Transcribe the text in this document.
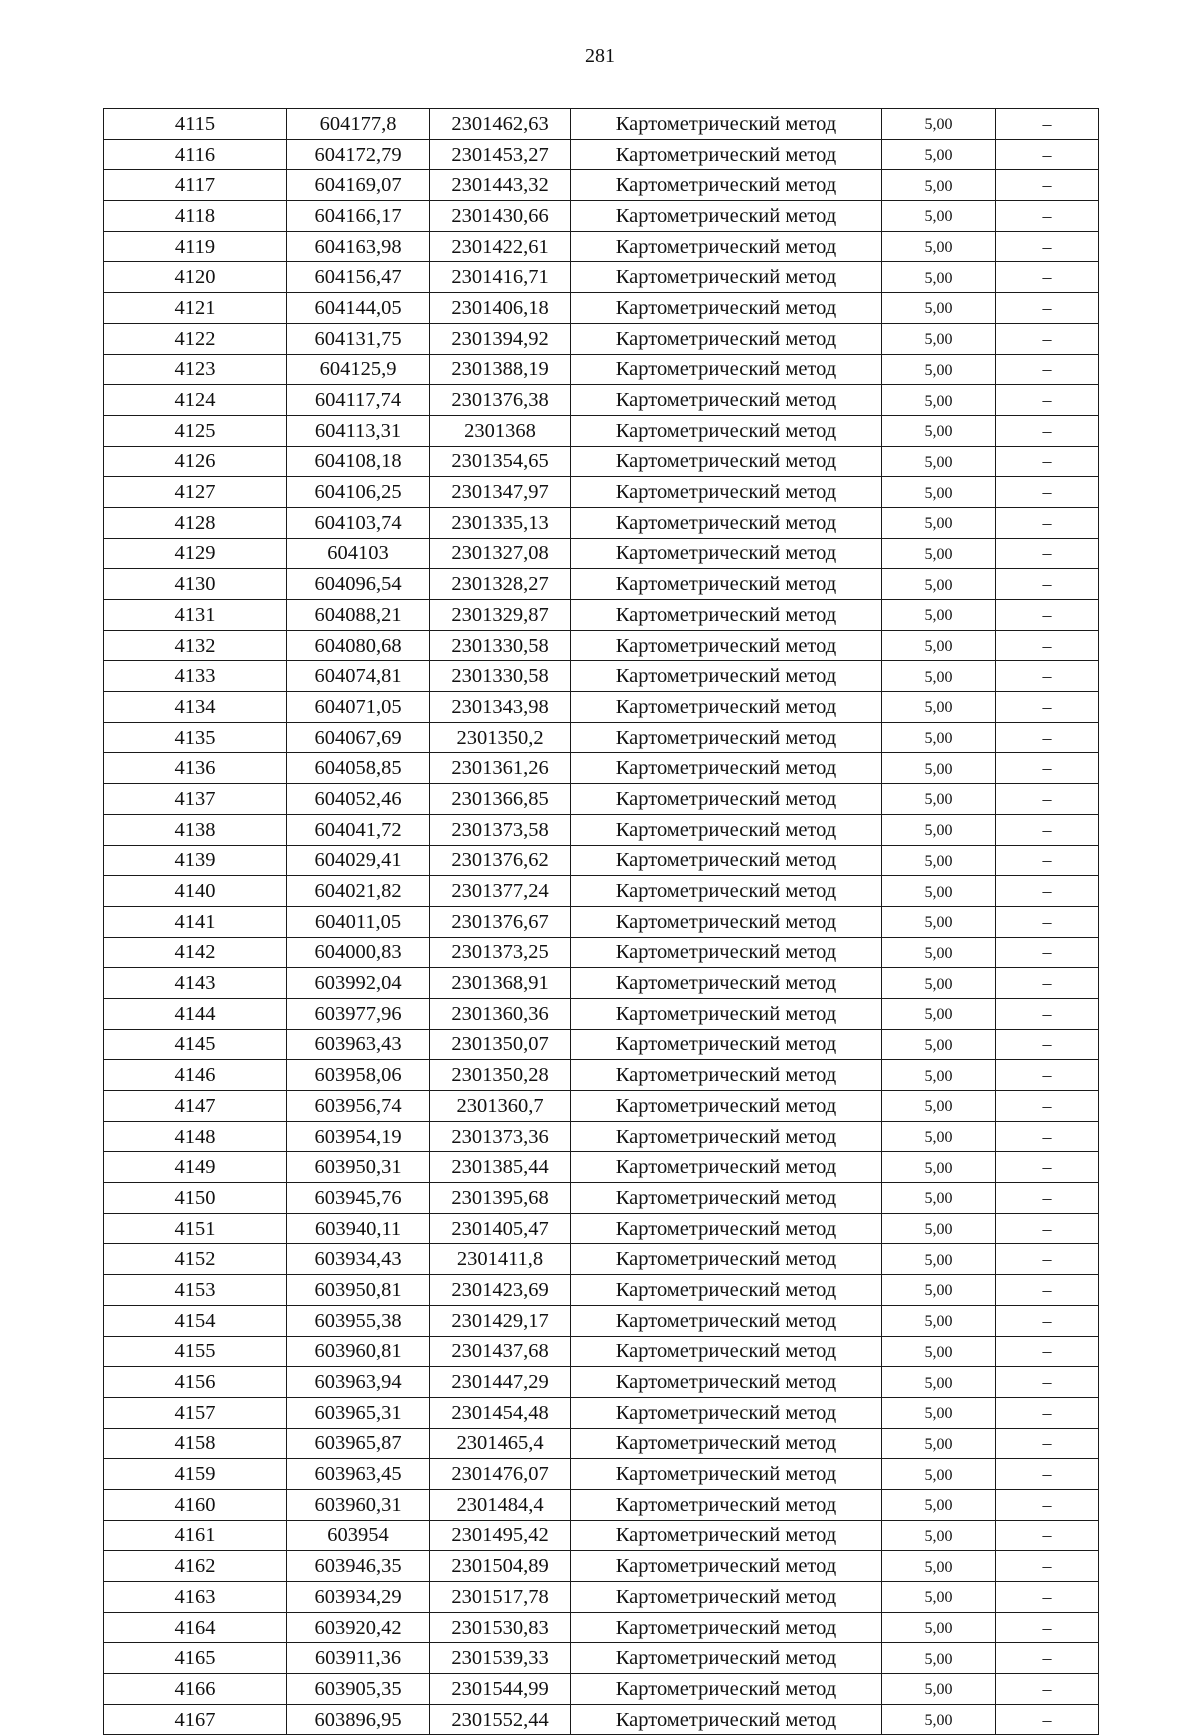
281
4115	604177,8	2301462,63	Картометрический метод	5,00	–
4116	604172,79	2301453,27	Картометрический метод	5,00	–
4117	604169,07	2301443,32	Картометрический метод	5,00	–
4118	604166,17	2301430,66	Картометрический метод	5,00	–
4119	604163,98	2301422,61	Картометрический метод	5,00	–
4120	604156,47	2301416,71	Картометрический метод	5,00	–
4121	604144,05	2301406,18	Картометрический метод	5,00	–
4122	604131,75	2301394,92	Картометрический метод	5,00	–
4123	604125,9	2301388,19	Картометрический метод	5,00	–
4124	604117,74	2301376,38	Картометрический метод	5,00	–
4125	604113,31	2301368	Картометрический метод	5,00	–
4126	604108,18	2301354,65	Картометрический метод	5,00	–
4127	604106,25	2301347,97	Картометрический метод	5,00	–
4128	604103,74	2301335,13	Картометрический метод	5,00	–
4129	604103	2301327,08	Картометрический метод	5,00	–
4130	604096,54	2301328,27	Картометрический метод	5,00	–
4131	604088,21	2301329,87	Картометрический метод	5,00	–
4132	604080,68	2301330,58	Картометрический метод	5,00	–
4133	604074,81	2301330,58	Картометрический метод	5,00	–
4134	604071,05	2301343,98	Картометрический метод	5,00	–
4135	604067,69	2301350,2	Картометрический метод	5,00	–
4136	604058,85	2301361,26	Картометрический метод	5,00	–
4137	604052,46	2301366,85	Картометрический метод	5,00	–
4138	604041,72	2301373,58	Картометрический метод	5,00	–
4139	604029,41	2301376,62	Картометрический метод	5,00	–
4140	604021,82	2301377,24	Картометрический метод	5,00	–
4141	604011,05	2301376,67	Картометрический метод	5,00	–
4142	604000,83	2301373,25	Картометрический метод	5,00	–
4143	603992,04	2301368,91	Картометрический метод	5,00	–
4144	603977,96	2301360,36	Картометрический метод	5,00	–
4145	603963,43	2301350,07	Картометрический метод	5,00	–
4146	603958,06	2301350,28	Картометрический метод	5,00	–
4147	603956,74	2301360,7	Картометрический метод	5,00	–
4148	603954,19	2301373,36	Картометрический метод	5,00	–
4149	603950,31	2301385,44	Картометрический метод	5,00	–
4150	603945,76	2301395,68	Картометрический метод	5,00	–
4151	603940,11	2301405,47	Картометрический метод	5,00	–
4152	603934,43	2301411,8	Картометрический метод	5,00	–
4153	603950,81	2301423,69	Картометрический метод	5,00	–
4154	603955,38	2301429,17	Картометрический метод	5,00	–
4155	603960,81	2301437,68	Картометрический метод	5,00	–
4156	603963,94	2301447,29	Картометрический метод	5,00	–
4157	603965,31	2301454,48	Картометрический метод	5,00	–
4158	603965,87	2301465,4	Картометрический метод	5,00	–
4159	603963,45	2301476,07	Картометрический метод	5,00	–
4160	603960,31	2301484,4	Картометрический метод	5,00	–
4161	603954	2301495,42	Картометрический метод	5,00	–
4162	603946,35	2301504,89	Картометрический метод	5,00	–
4163	603934,29	2301517,78	Картометрический метод	5,00	–
4164	603920,42	2301530,83	Картометрический метод	5,00	–
4165	603911,36	2301539,33	Картометрический метод	5,00	–
4166	603905,35	2301544,99	Картометрический метод	5,00	–
4167	603896,95	2301552,44	Картометрический метод	5,00	–
